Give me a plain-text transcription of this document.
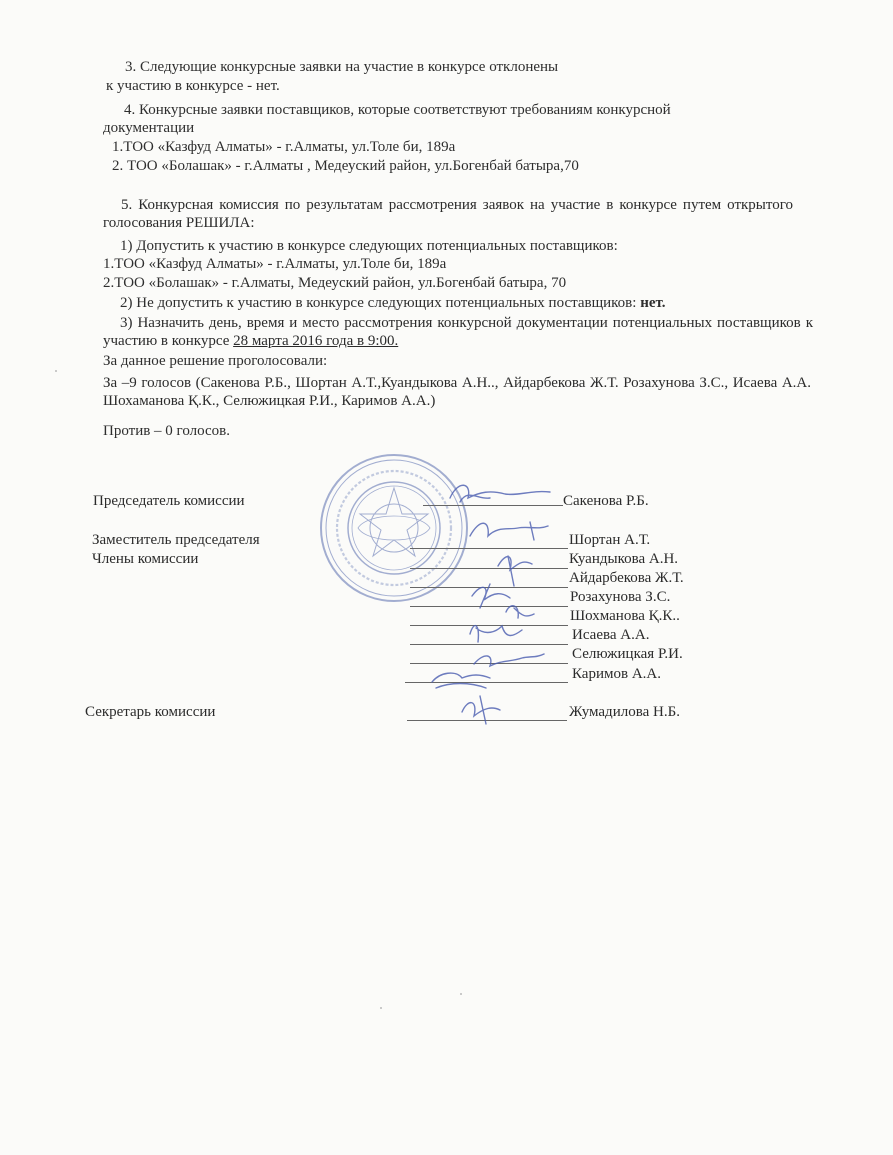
3. Следующие конкурсные заявки на участие в конкурсе отклонены
к участию в конкурсе - нет.
4. Конкурсные заявки поставщиков, которые соответствуют требованиям конкурсной
документации
1.ТОО «Казфуд Алматы» - г.Алматы, ул.Толе би, 189а
2. ТОО «Болашак» - г.Алматы , Медеуский район, ул.Богенбай батыра,70
5. Конкурсная комиссия по результатам рассмотрения заявок на участие в конкурсе путем открытого голосования РЕШИЛА:
1) Допустить к участию в конкурсе следующих потенциальных поставщиков:
1.ТОО «Казфуд Алматы» - г.Алматы, ул.Толе би, 189а
2.ТОО «Болашак» - г.Алматы, Медеуский район, ул.Богенбай батыра, 70
2) Не допустить к участию в конкурсе следующих потенциальных поставщиков: нет.
3) Назначить день, время и место рассмотрения конкурсной документации потенциальных поставщиков к участию в конкурсе 28 марта 2016 года в 9:00.
За данное решение проголосовали:
За –9 голосов (Сакенова Р.Б., Шортан А.Т.,Куандыкова А.Н.., Айдарбекова Ж.Т. Розахунова З.С., Исаева А.А. Шохаманова Қ.К., Селюжицкая Р.И., Каримов А.А.)
Против – 0 голосов.
Председатель комиссии	Сакенова Р.Б.
Заместитель председателя	Шортан А.Т.
Члены комиссии	Куандыкова А.Н.
Айдарбекова Ж.Т.
Розахунова З.С.
Шохманова Қ.К..
Исаева А.А.
Селюжицкая Р.И.
Каримов А.А.
Секретарь комиссии	Жумадилова Н.Б.
